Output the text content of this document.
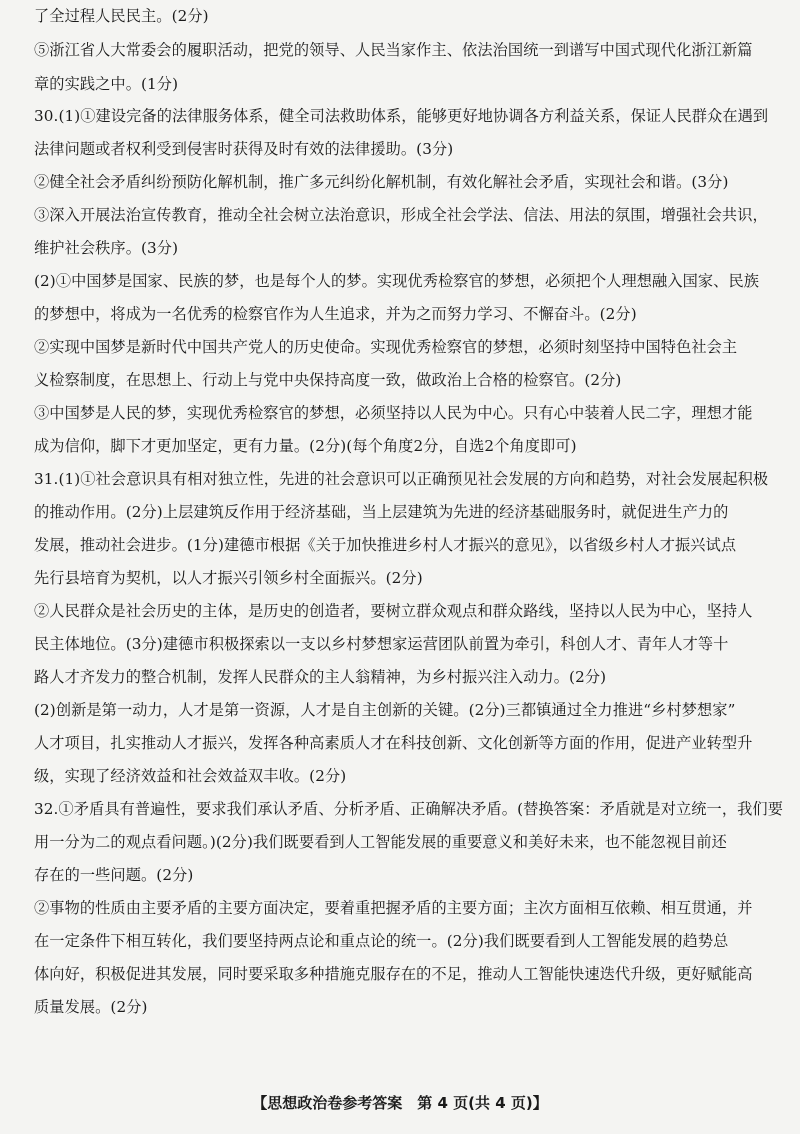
了全过程人民民主。(2分)
⑤浙江省人大常委会的履职活动，把党的领导、人民当家作主、依法治国统一到谱写中国式现代化浙江新篇
章的实践之中。(1分)
30.(1)①建设完备的法律服务体系，健全司法救助体系，能够更好地协调各方利益关系，保证人民群众在遇到
法律问题或者权利受到侵害时获得及时有效的法律援助。(3分)
②健全社会矛盾纠纷预防化解机制，推广多元纠纷化解机制，有效化解社会矛盾，实现社会和谐。(3分)
③深入开展法治宣传教育，推动全社会树立法治意识，形成全社会学法、信法、用法的氛围，增强社会共识，
维护社会秩序。(3分)
(2)①中国梦是国家、民族的梦，也是每个人的梦。实现优秀检察官的梦想，必须把个人理想融入国家、民族
的梦想中，将成为一名优秀的检察官作为人生追求，并为之而努力学习、不懈奋斗。(2分)
②实现中国梦是新时代中国共产党人的历史使命。实现优秀检察官的梦想，必须时刻坚持中国特色社会主
义检察制度，在思想上、行动上与党中央保持高度一致，做政治上合格的检察官。(2分)
③中国梦是人民的梦，实现优秀检察官的梦想，必须坚持以人民为中心。只有心中装着人民二字，理想才能
成为信仰，脚下才更加坚定，更有力量。(2分)(每个角度2分，自选2个角度即可)
31.(1)①社会意识具有相对独立性，先进的社会意识可以正确预见社会发展的方向和趋势，对社会发展起积极
的推动作用。(2分)上层建筑反作用于经济基础，当上层建筑为先进的经济基础服务时，就促进生产力的
发展，推动社会进步。(1分)建德市根据《关于加快推进乡村人才振兴的意见》，以省级乡村人才振兴试点
先行县培育为契机，以人才振兴引领乡村全面振兴。(2分)
②人民群众是社会历史的主体，是历史的创造者，要树立群众观点和群众路线，坚持以人民为中心，坚持人
民主体地位。(3分)建德市积极探索以一支以乡村梦想家运营团队前置为牵引，科创人才、青年人才等十
路人才齐发力的整合机制，发挥人民群众的主人翁精神，为乡村振兴注入动力。(2分)
(2)创新是第一动力，人才是第一资源，人才是自主创新的关键。(2分)三都镇通过全力推进“乡村梦想家”
人才项目，扎实推动人才振兴，发挥各种高素质人才在科技创新、文化创新等方面的作用，促进产业转型升
级，实现了经济效益和社会效益双丰收。(2分)
32.①矛盾具有普遍性，要求我们承认矛盾、分析矛盾、正确解决矛盾。(替换答案：矛盾就是对立统一，我们要
用一分为二的观点看问题。)(2分)我们既要看到人工智能发展的重要意义和美好未来，也不能忽视目前还
存在的一些问题。(2分)
②事物的性质由主要矛盾的主要方面决定，要着重把握矛盾的主要方面；主次方面相互依赖、相互贯通，并
在一定条件下相互转化，我们要坚持两点论和重点论的统一。(2分)我们既要看到人工智能发展的趋势总
体向好，积极促进其发展，同时要采取多种措施克服存在的不足，推动人工智能快速迭代升级，更好赋能高
质量发展。(2分)
【思想政治卷参考答案　第 4 页(共 4 页)】
